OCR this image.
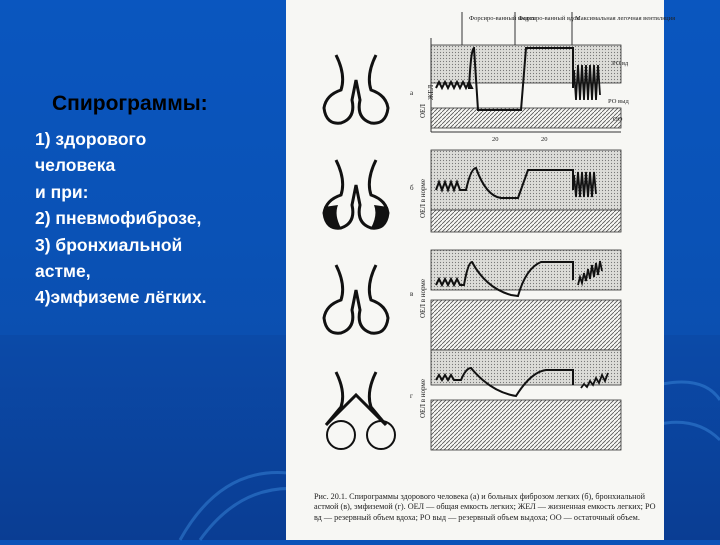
Спирограммы:
1) здорового
человека
и при:
2) пневмофиброзе,
3) бронхиальной
астме,
4)эмфиземе лёгких.
Форсиро-ванный выдох
Форсиро-ванный вдох
Максимальная легочная вентиляция
ОЕЛ
ЖЕЛ
ОЕЛ в норме
ОЕЛ в норме
ОЕЛ в норме
а
б
в
г
РО вд
РО выд
ОО
20	20
Рис. 20.1. Спирограммы здорового человека (а) и больных фиброзом легких (б), бронхиальной астмой (в), эмфиземой (г). ОЕЛ — общая емкость легких; ЖЕЛ — жизненная емкость легких; РО вд — резервный объем вдоха; РО выд — резервный объем выдоха; ОО — остаточный объем.
